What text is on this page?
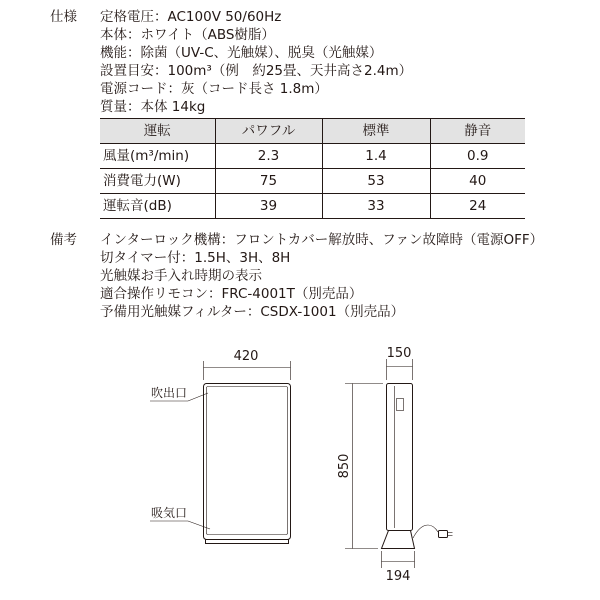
仕様 定格電圧：AC100V 50/60Hz
本体：ホワイト（ABS樹脂）
機能：除菌（UV-C、光触媒）、脱臭（光触媒）
設置目安：100m³（例　約25畳、天井高さ2.4m）
電源コード：灰（コード長さ 1.8m）
質量：本体 14kg
運転	パワフル	標準	静音
風量(m³/min)	2.3	1.4	0.9
消費電力(W)	75	53	40
運転音(dB)	39	33	24
備考 インターロック機構：フロントカバー解放時、ファン故障時（電源OFF）
切タイマー付：1.5H、3H、8H
光触媒お手入れ時期の表示
適合操作リモコン：FRC-4001T（別売品）
予備用光触媒フィルター：CSDX-1001（別売品）
420
吹出口
吸気口
150
850
194
